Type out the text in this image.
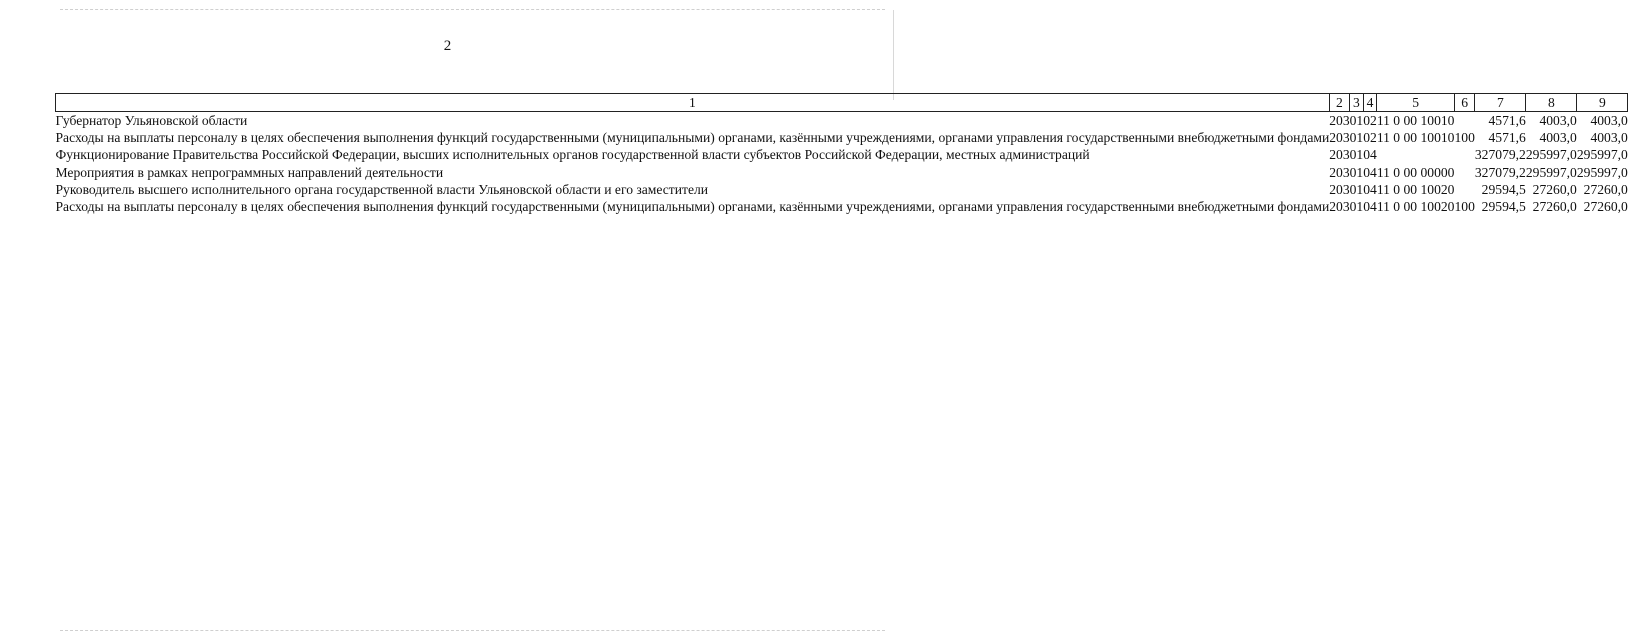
2
1	2	3	4	5	6	7	8	9
Губернатор Ульяновской области	203	01	02	11 0 00 10010		4571,6	4003,0	4003,0
Расходы на выплаты персоналу в целях обеспечения выполнения функций государственными (муниципальными) органами, казёнными учреждениями, органами управления государственными внебюджетными фондами	203	01	02	11 0 00 10010	100	4571,6	4003,0	4003,0
Функционирование Правительства Российской Федерации, высших исполнительных органов государственной власти субъектов Российской Федерации, местных администраций	203	01	04			327079,2	295997,0	295997,0
Мероприятия в рамках непрограммных направлений деятельности	203	01	04	11 0 00 00000		327079,2	295997,0	295997,0
Руководитель высшего исполнительного органа государственной власти Ульяновской области и его заместители	203	01	04	11 0 00 10020		29594,5	27260,0	27260,0
Расходы на выплаты персоналу в целях обеспечения выполнения функций государственными (муниципальными) органами, казёнными учреждениями, органами управления государственными внебюджетными фондами	203	01	04	11 0 00 10020	100	29594,5	27260,0	27260,0
